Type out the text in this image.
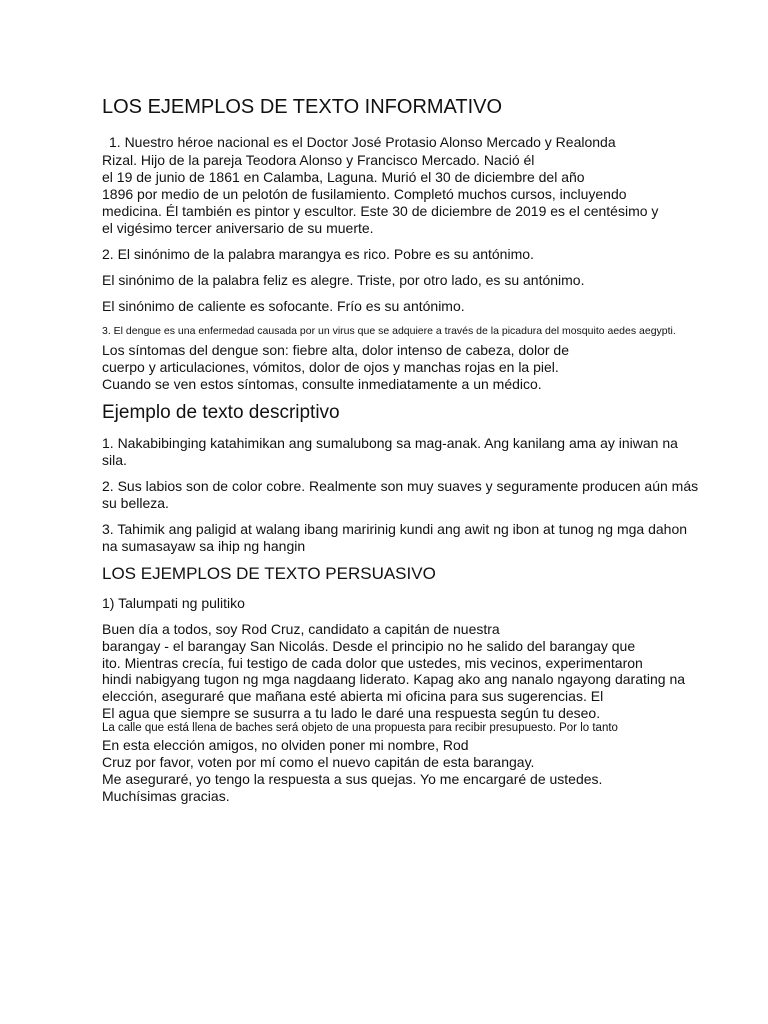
LOS EJEMPLOS DE TEXTO INFORMATIVO

1. Nuestro héroe nacional es el Doctor José Protasio Alonso Mercado y Realonda

Rizal. Hijo de la pareja Teodora Alonso y Francisco Mercado. Nació él

el 19 de junio de 1861 en Calamba, Laguna. Murió el 30 de diciembre del año

1896 por medio de un pelotón de fusilamiento. Completó muchos cursos, incluyendo

medicina. Él también es pintor y escultor. Este 30 de diciembre de 2019 es el centésimo y

el vigésimo tercer aniversario de su muerte.

2. El sinónimo de la palabra marangya es rico. Pobre es su antónimo.

El sinónimo de la palabra feliz es alegre. Triste, por otro lado, es su antónimo.

El sinónimo de caliente es sofocante. Frío es su antónimo.

3. El dengue es una enfermedad causada por un virus que se adquiere a través de la picadura del mosquito aedes aegypti.

Los síntomas del dengue son: fiebre alta, dolor intenso de cabeza, dolor de

cuerpo y articulaciones, vómitos, dolor de ojos y manchas rojas en la piel.

Cuando se ven estos síntomas, consulte inmediatamente a un médico.

Ejemplo de texto descriptivo

1. Nakabibinging katahimikan ang sumalubong sa mag-anak. Ang kanilang ama ay iniwan na

sila.

2. Sus labios son de color cobre. Realmente son muy suaves y seguramente producen aún más

su belleza.

3. Tahimik ang paligid at walang ibang maririnig kundi ang awit ng ibon at tunog ng mga dahon

na sumasayaw sa ihip ng hangin

LOS EJEMPLOS DE TEXTO PERSUASIVO

1) Talumpati ng pulitiko

Buen día a todos, soy Rod Cruz, candidato a capitán de nuestra

barangay - el barangay San Nicolás. Desde el principio no he salido del barangay que

ito. Mientras crecía, fui testigo de cada dolor que ustedes, mis vecinos, experimentaron

hindi nabigyang tugon ng mga nagdaang liderato. Kapag ako ang nanalo ngayong darating na

elección, aseguraré que mañana esté abierta mi oficina para sus sugerencias. El

El agua que siempre se susurra a tu lado le daré una respuesta según tu deseo.

La calle que está llena de baches será objeto de una propuesta para recibir presupuesto. Por lo tanto

En esta elección amigos, no olviden poner mi nombre, Rod

Cruz por favor, voten por mí como el nuevo capitán de esta barangay.

Me aseguraré, yo tengo la respuesta a sus quejas. Yo me encargaré de ustedes.

Muchísimas gracias.
